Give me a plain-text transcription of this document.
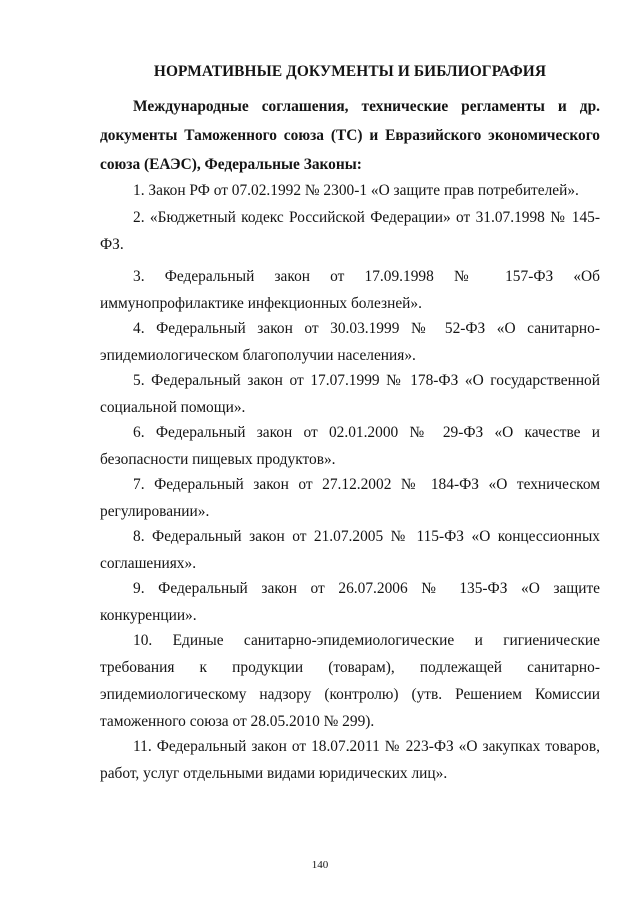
НОРМАТИВНЫЕ ДОКУМЕНТЫ И БИБЛИОГРАФИЯ
Международные соглашения, технические регламенты и др. документы Таможенного союза (ТС) и Евразийского экономического союза (ЕАЭС), Федеральные Законы:
1. Закон РФ от 07.02.1992 № 2300-1 «О защите прав потребителей».
2. «Бюджетный кодекс Российской Федерации» от 31.07.1998 № 145-ФЗ.
3. Федеральный закон от 17.09.1998 № 157-ФЗ «Об иммунопрофилактике инфекционных болезней».
4. Федеральный закон от 30.03.1999 № 52-ФЗ «О санитарно-эпидемиологическом благополучии населения».
5. Федеральный закон от 17.07.1999 № 178-ФЗ «О государственной социальной помощи».
6. Федеральный закон от 02.01.2000 № 29-ФЗ «О качестве и безопасности пищевых продуктов».
7. Федеральный закон от 27.12.2002 № 184-ФЗ «О техническом регулировании».
8. Федеральный закон от 21.07.2005 № 115-ФЗ «О концессионных соглашениях».
9. Федеральный закон от 26.07.2006 № 135-ФЗ «О защите конкуренции».
10. Единые санитарно-эпидемиологические и гигиенические требования к продукции (товарам), подлежащей санитарно-эпидемиологическому надзору (контролю) (утв. Решением Комиссии таможенного союза от 28.05.2010 № 299).
11. Федеральный закон от 18.07.2011 № 223-ФЗ «О закупках товаров, работ, услуг отдельными видами юридических лиц».
140
